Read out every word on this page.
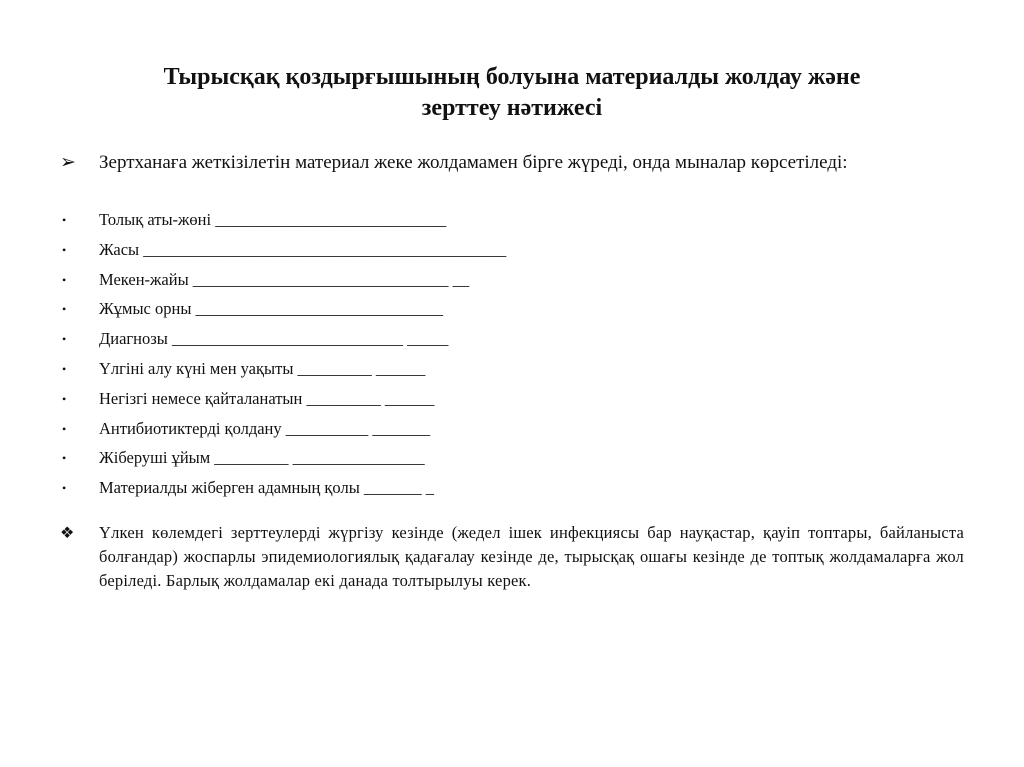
Тырысқақ қоздырғышының болуына материалды жолдау және
зерттеу нәтижесі
➢ Зертханаға жеткізілетін материал жеке жолдамамен бірге жүреді, онда мыналар көрсетіледі:
• Толық аты-жөні ____________________________
• Жасы ____________________________________________
• Мекен-жайы _______________________________ __
• Жұмыс орны ______________________________
• Диагнозы ____________________________ _____
• Үлгіні алу күні мен уақыты _________ ______
• Негізгі немесе қайталанатын _________ ______
• Антибиотиктерді қолдану __________ _______
• Жіберуші ұйым _________ ________________
• Материалды жіберген адамның қолы _______ _
❖ Үлкен көлемдегі зерттеулерді жүргізу кезінде (жедел ішек инфекциясы бар науқастар, қауіп топтары, байланыста болғандар) жоспарлы эпидемиологиялық қадағалау кезінде де, тырысқақ ошағы кезінде де топтық жолдамаларға жол беріледі. Барлық жолдамалар екі данада толтырылуы керек.
